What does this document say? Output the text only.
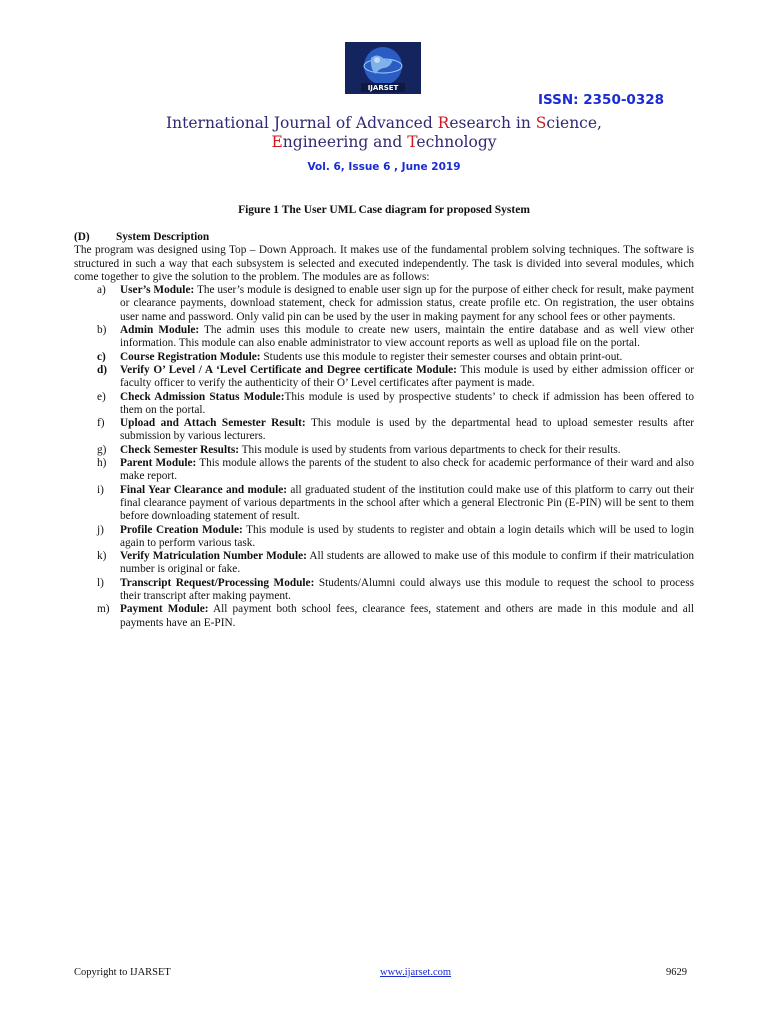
IJARSET
ISSN: 2350-0328
International Journal of Advanced Research in Science,
Engineering and Technology
Vol. 6, Issue 6 , June 2019
Figure 1 The User UML Case diagram for proposed System
(D) System Description
The program was designed using Top – Down Approach. It makes use of the fundamental problem solving techniques. The software is structured in such a way that each subsystem is selected and executed independently. The task is divided into several modules, which come together to give the solution to the problem. The modules are as follows:
a) User’s Module: The user’s module is designed to enable user sign up for the purpose of either check for result, make payment or clearance payments, download statement, check for admission status, create profile etc. On registration, the user obtains user name and password. Only valid pin can be used by the user in making payment for any school fees or other payments.
b) Admin Module: The admin uses this module to create new users, maintain the entire database and as well view other information. This module can also enable administrator to view account reports as well as upload file on the portal.
c) Course Registration Module: Students use this module to register their semester courses and obtain print-out.
d) Verify O’ Level / A ‘Level Certificate and Degree certificate Module: This module is used by either admission officer or faculty officer to verify the authenticity of their O’ Level certificates after payment is made.
e) Check Admission Status Module:This module is used by prospective students’ to check if admission has been offered to them on the portal.
f) Upload and Attach Semester Result: This module is used by the departmental head to upload semester results after submission by various lecturers.
g) Check Semester Results: This module is used by students from various departments to check for their results.
h) Parent Module: This module allows the parents of the student to also check for academic performance of their ward and also make report.
i) Final Year Clearance and module: all graduated student of the institution could make use of this platform to carry out their final clearance payment of various departments in the school after which a general Electronic Pin (E-PIN) will be sent to them before downloading statement of result.
j) Profile Creation Module: This module is used by students to register and obtain a login details which will be used to login again to perform various task.
k) Verify Matriculation Number Module: All students are allowed to make use of this module to confirm if their matriculation number is original or fake.
l) Transcript Request/Processing Module: Students/Alumni could always use this module to request the school to process their transcript after making payment.
m) Payment Module: All payment both school fees, clearance fees, statement and others are made in this module and all payments have an E-PIN.
Copyright to IJARSET	www.ijarset.com	9629
